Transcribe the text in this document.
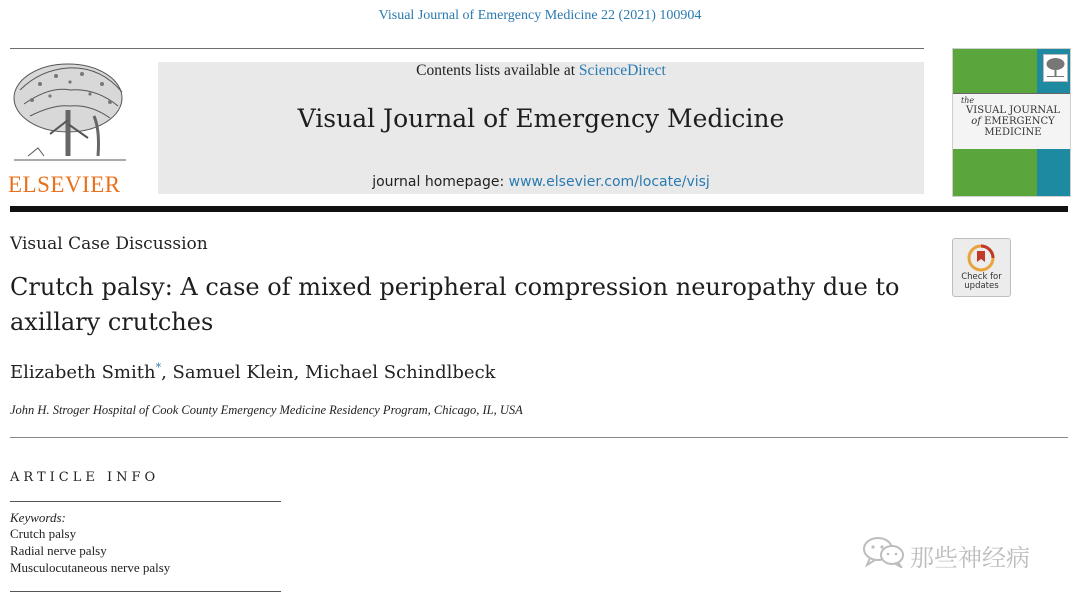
Visual Journal of Emergency Medicine 22 (2021) 100904
ELSEVIER
Contents lists available at ScienceDirect
Visual Journal of Emergency Medicine
journal homepage: www.elsevier.com/locate/visj
the
VISUAL JOURNAL
of EMERGENCY
MEDICINE
Visual Case Discussion
Crutch palsy: A case of mixed peripheral compression neuropathy due to axillary crutches
Check for
updates
Elizabeth Smith*, Samuel Klein, Michael Schindlbeck
John H. Stroger Hospital of Cook County Emergency Medicine Residency Program, Chicago, IL, USA
ARTICLE INFO
Keywords:
Crutch palsy
Radial nerve palsy
Musculocutaneous nerve palsy	那些神经病
